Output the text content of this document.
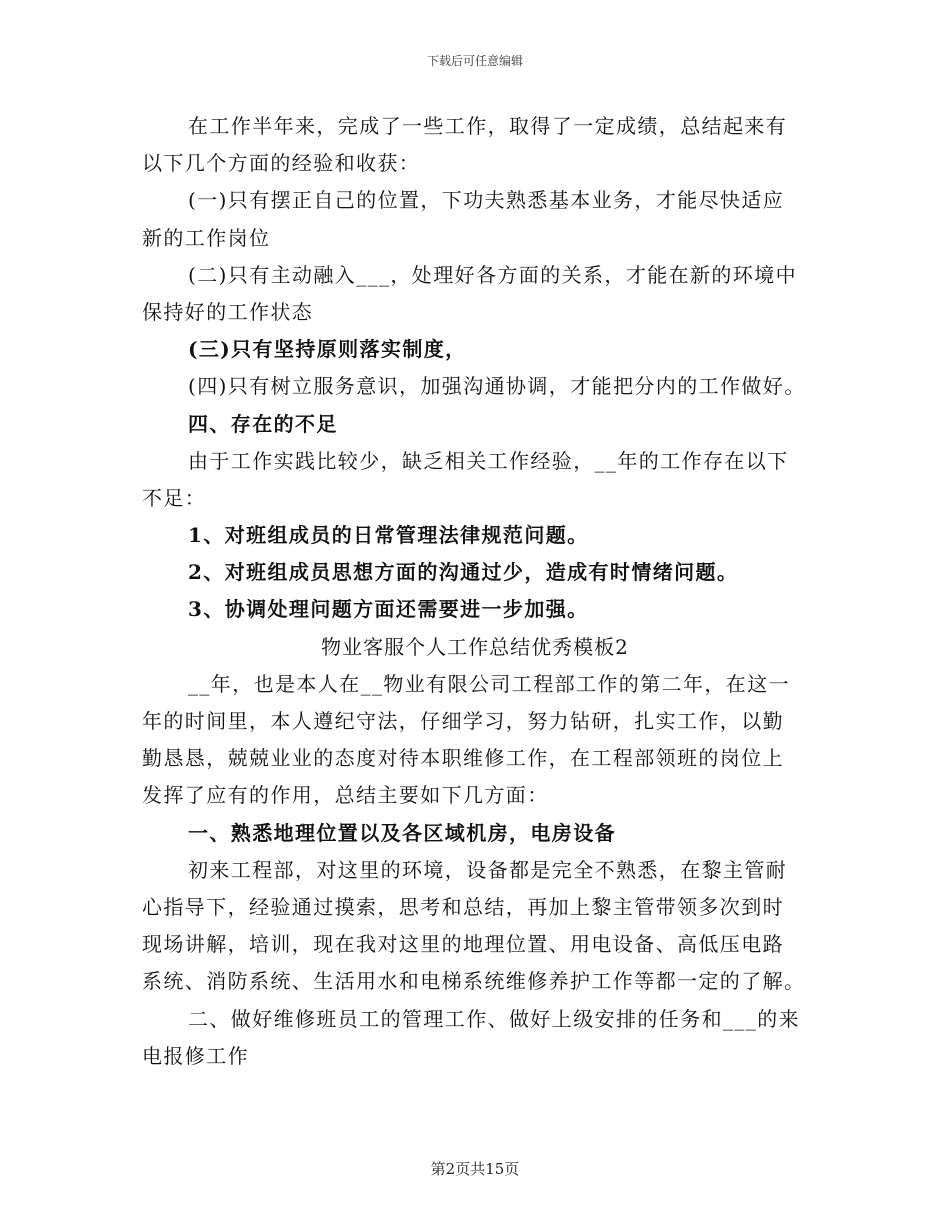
下载后可任意编辑
在工作半年来，完成了一些工作，取得了一定成绩，总结起来有
以下几个方面的经验和收获：
(一)只有摆正自己的位置，下功夫熟悉基本业务，才能尽快适应
新的工作岗位
(二)只有主动融入___，处理好各方面的关系，才能在新的环境中
保持好的工作状态
(三)只有坚持原则落实制度，
(四)只有树立服务意识，加强沟通协调，才能把分内的工作做好。
四、存在的不足
由于工作实践比较少，缺乏相关工作经验，__年的工作存在以下
不足：
1、对班组成员的日常管理法律规范问题。
2、对班组成员思想方面的沟通过少，造成有时情绪问题。
3、协调处理问题方面还需要进一步加强。
物业客服个人工作总结优秀模板2
__年，也是本人在__物业有限公司工程部工作的第二年，在这一
年的时间里，本人遵纪守法，仔细学习，努力钻研，扎实工作，以勤
勤恳恳，兢兢业业的态度对待本职维修工作，在工程部领班的岗位上
发挥了应有的作用，总结主要如下几方面：
一、熟悉地理位置以及各区域机房，电房设备
初来工程部，对这里的环境，设备都是完全不熟悉，在黎主管耐
心指导下，经验通过摸索，思考和总结，再加上黎主管带领多次到时
现场讲解，培训，现在我对这里的地理位置、用电设备、高低压电路
系统、消防系统、生活用水和电梯系统维修养护工作等都一定的了解。
二、做好维修班员工的管理工作、做好上级安排的任务和___的来
电报修工作
第2页共15页
